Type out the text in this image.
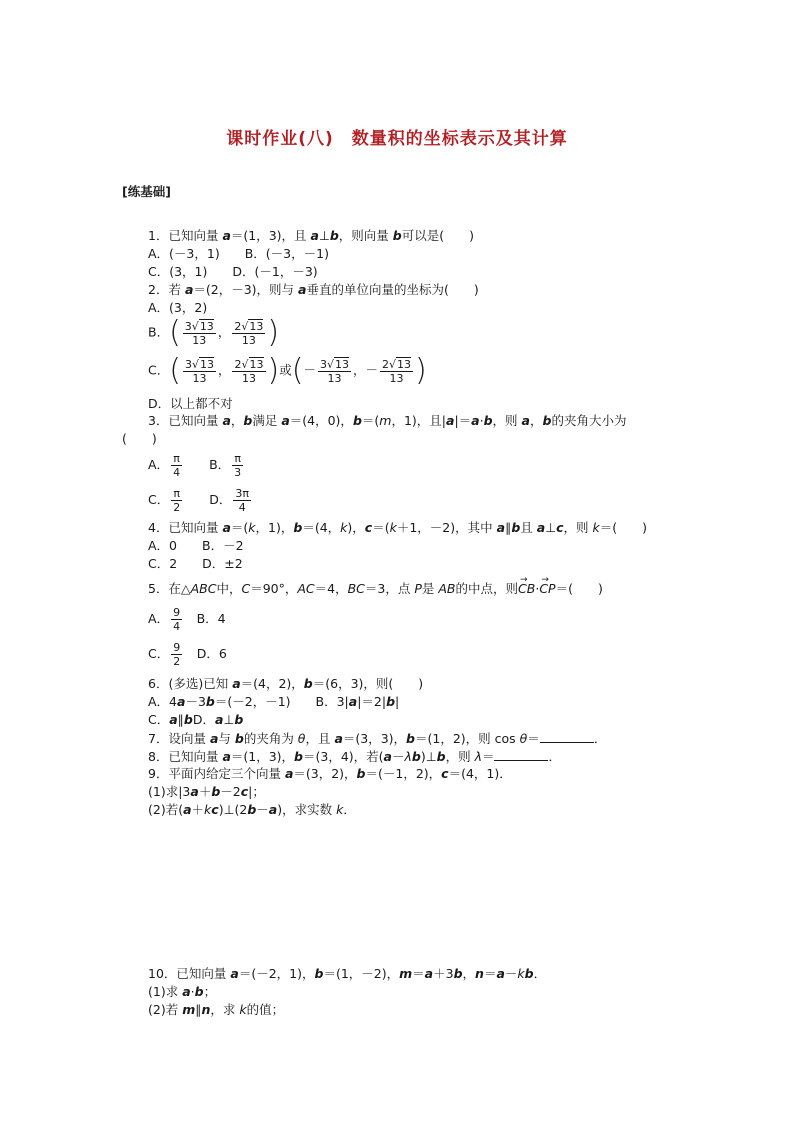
课时作业(八)　数量积的坐标表示及其计算
[练基础]
1．已知向量 a＝(1，3)，且 a⊥b，则向量 b可以是(　　)
A．(－3，1)　　B．(－3，－1)
C．(3，1)　　D．(－1，－3)
2．若 a＝(2，－3)，则与 a垂直的单位向量的坐标为(　　)
A．(3，2)
B．( $\frac{3√13}{13}$ ， $\frac{2√13}{13}$ )
C．( $\frac{3√13}{13}$ ， $\frac{2√13}{13}$ )或(－ $\frac{3√13}{13}$ ，－ $\frac{2√13}{13}$ )
D．以上都不对
3．已知向量 a，b满足 a＝(4，0)，b＝(m，1)，且|a|＝a·b，则 a，b的夹角大小为
(　　)
A． $\frac{\pi}{4}$
　　 B． $\frac{\pi}{3}$
C． $\frac{\pi}{2}$
　　 D． $\frac{3\pi}{4}$
4．已知向量 a＝(k，1)，b＝(4，k)，c＝(k＋1，－2)，其中 a∥b且 a⊥c，则 k＝(　　)
A．0　　B．－2
C．2　　D．±2
5．在△ABC中，C＝90°，AC＝4，BC＝3，点 P是 AB的中点，则→ CB·→ CP＝(　　)
A． $\frac{9}{4}$ 　B．4
C． $\frac{9}{2}$ 　D．6
6．(多选)已知 a＝(4，2)，b＝(6，3)，则(　　)
A．4a－3b＝(－2，－1)　　B．3|a|＝2|b|
C．a∥bD．a⊥b
7．设向量 a与 b的夹角为 θ，且 a＝(3，3)，b＝(1，2)，则 cos θ＝	．
8．已知向量 a＝(1，3)，b＝(3，4)，若(a－λb)⊥b，则 λ＝	．
9．平面内给定三个向量 a＝(3，2)，b＝(－1，2)，c＝(4，1)．
(1)求|3a＋b－2c|；
(2)若(a＋kc)⊥(2b－a)，求实数 k．
10．已知向量 a＝(－2，1)，b＝(1，－2)，m＝a＋3b，n＝a－kb．
(1)求 a·b；
(2)若 m∥n，求 k的值；
